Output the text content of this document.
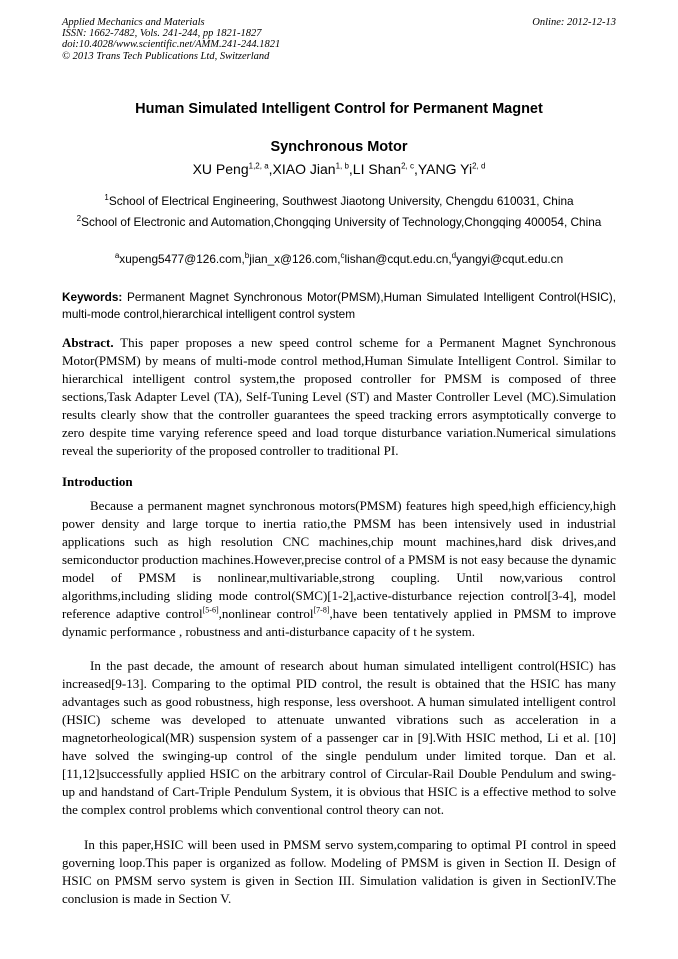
Applied Mechanics and Materials
ISSN: 1662-7482, Vols. 241-244, pp 1821-1827
doi:10.4028/www.scientific.net/AMM.241-244.1821
© 2013 Trans Tech Publications Ltd, Switzerland
Online: 2012-12-13
Human Simulated Intelligent Control for Permanent Magnet
Synchronous Motor
XU Peng$^{1,2, a}$,XIAO Jian$^{1, b}$,LI Shan$^{2, c}$,YANG Yi$^{2, d}$
$^1$School of Electrical Engineering, Southwest Jiaotong University, Chengdu 610031, China
$^2$School of Electronic and Automation,Chongqing University of Technology,Chongqing 400054, China
$^a$xupeng5477@126.com,$^b$jian_x@126.com,$^c$lishan@cqut.edu.cn,$^d$yangyi@cqut.edu.cn
Keywords: Permanent Magnet Synchronous Motor(PMSM),Human Simulated Intelligent Control(HSIC), multi-mode control,hierarchical intelligent control system

Abstract. This paper proposes a new speed control scheme for a Permanent Magnet Synchronous Motor(PMSM) by means of multi-mode control method,Human Simulate Intelligent Control. Similar to hierarchical intelligent control system,the proposed controller for PMSM is composed of three sections,Task Adapter Level (TA), Self-Tuning Level (ST) and Master Controller Level (MC).Simulation results clearly show that the controller guarantees the speed tracking errors asymptotically converge to zero despite time varying reference speed and load torque disturbance variation.Numerical simulations reveal the superiority of the proposed controller to traditional PI.

Introduction

Because a permanent magnet synchronous motors(PMSM) features high speed,high efficiency,high power density and large torque to inertia ratio,the PMSM has been intensively used in industrial applications such as high resolution CNC machines,chip mount machines,hard disk drives,and semiconductor production machines.However,precise control of a PMSM is not easy because the dynamic model of PMSM is nonlinear,multivariable,strong coupling. Until now,various control algorithms,including sliding mode control(SMC)[1-2],active-disturbance rejection control[3-4], model reference adaptive control[5-6],nonlinear control[7-8],have been tentatively applied in PMSM to improve dynamic performance , robustness and anti-disturbance capacity of t he system.

In the past decade, the amount of research about human simulated intelligent control(HSIC) has increased[9-13]. Comparing to the optimal PID control, the result is obtained that the HSIC has many advantages such as good robustness, high response, less overshoot. A human simulated intelligent control (HSIC) scheme was developed to attenuate unwanted vibrations such as acceleration in a magnetorheological(MR) suspension system of a passenger car in [9].With HSIC method, Li et al. [10] have solved the swinging-up control of the single pendulum under limited torque. Dan et al.[11,12]successfully applied HSIC on the arbitrary control of Circular-Rail Double Pendulum and swing-up and handstand of Cart-Triple Pendulum System, it is obvious that HSIC is a effective method to solve the complex control problems which conventional control theory can not.

In this paper,HSIC will been used in PMSM servo system,comparing to optimal PI control in speed governing loop.This paper is organized as follow. Modeling of PMSM is given in Section II. Design of HSIC on PMSM servo system is given in Section III. Simulation validation is given in SectionIV.The conclusion is made in Section V.
